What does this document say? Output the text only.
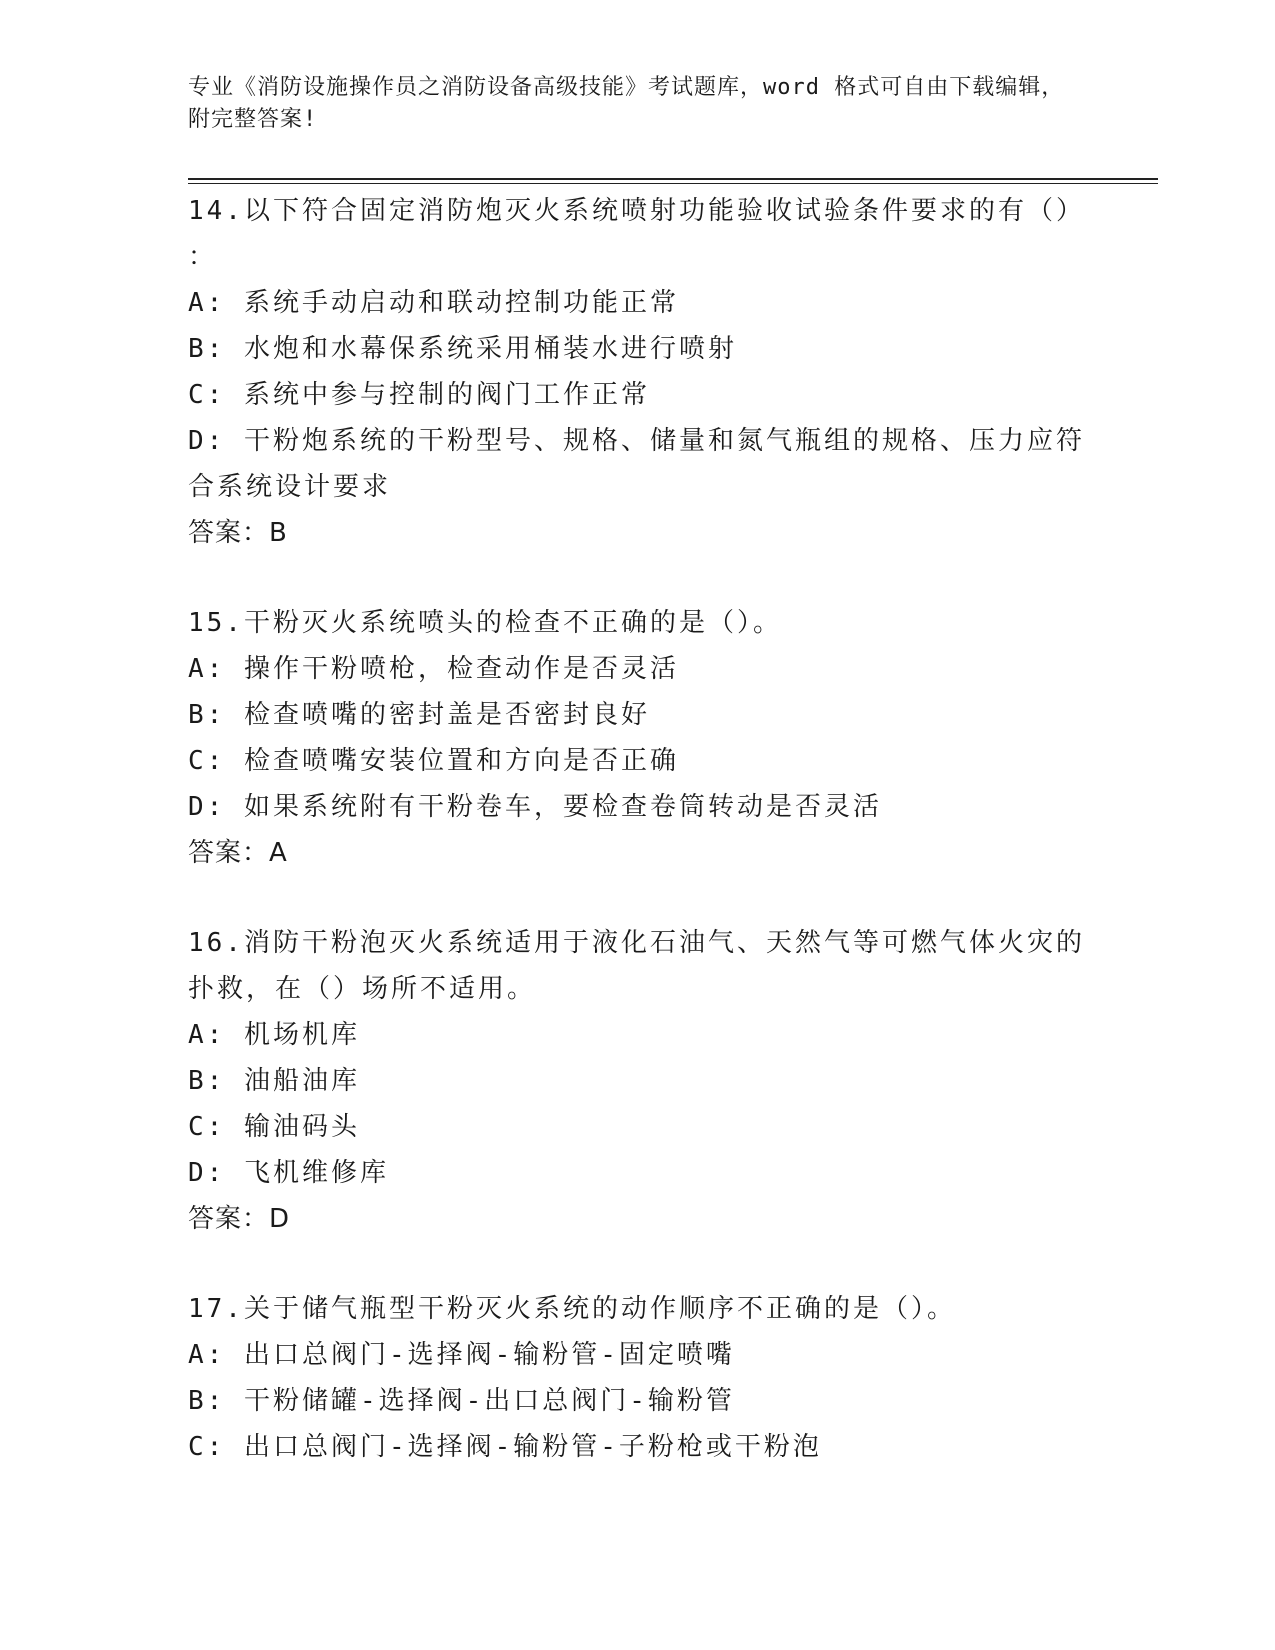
专业《消防设施操作员之消防设备高级技能》考试题库，word 格式可自由下载编辑，附完整答案!
14.以下符合固定消防炮灭火系统喷射功能验收试验条件要求的有（）
：
A: 系统手动启动和联动控制功能正常
B: 水炮和水幕保系统采用桶装水进行喷射
C: 系统中参与控制的阀门工作正常
D: 干粉炮系统的干粉型号、规格、储量和氮气瓶组的规格、压力应符合系统设计要求
答案：B
15.干粉灭火系统喷头的检查不正确的是（）。
A: 操作干粉喷枪，检查动作是否灵活
B: 检查喷嘴的密封盖是否密封良好
C: 检查喷嘴安装位置和方向是否正确
D: 如果系统附有干粉卷车，要检查卷筒转动是否灵活
答案：A
16.消防干粉泡灭火系统适用于液化石油气、天然气等可燃气体火灾的扑救，在（）场所不适用。
A: 机场机库
B: 油船油库
C: 输油码头
D: 飞机维修库
答案：D
17.关于储气瓶型干粉灭火系统的动作顺序不正确的是（）。
A: 出口总阀门-选择阀-输粉管-固定喷嘴
B: 干粉储罐-选择阀-出口总阀门-输粉管
C: 出口总阀门-选择阀-输粉管-子粉枪或干粉泡
